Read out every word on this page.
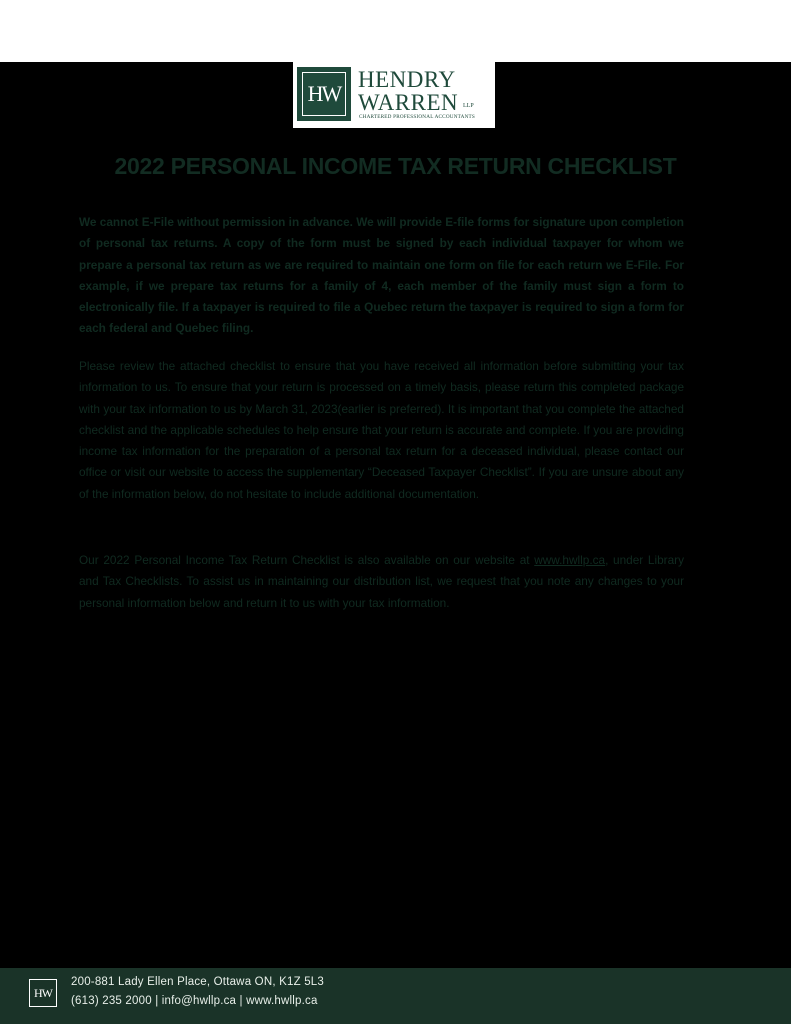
HW
HENDRY
WARREN LLP
CHARTERED PROFESSIONAL ACCOUNTANTS
2022 PERSONAL INCOME TAX RETURN CHECKLIST

We cannot E-File without permission in advance. We will provide E-file forms for signature upon completion of personal tax returns. A copy of the form must be signed by each individual taxpayer for whom we prepare a personal tax return as we are required to maintain one form on file for each return we E-File. For example, if we prepare tax returns for a family of 4, each member of the family must sign a form to electronically file. If a taxpayer is required to file a Quebec return the taxpayer is required to sign a form for each federal and Quebec filing.

Please review the attached checklist to ensure that you have received all information before submitting your tax information to us. To ensure that your return is processed on a timely basis, please return this completed package with your tax information to us by March 31, 2023(earlier is preferred). It is important that you complete the attached checklist and the applicable schedules to help ensure that your return is accurate and complete. If you are providing income tax information for the preparation of a personal tax return for a deceased individual, please contact our office or visit our website to access the supplementary “Deceased Taxpayer Checklist”. If you are unsure about any of the information below, do not hesitate to include additional documentation.

Our 2022 Personal Income Tax Return Checklist is also available on our website at www.hwllp.ca, under Library and Tax Checklists. To assist us in maintaining our distribution list, we request that you note any changes to your personal information below and return it to us with your tax information.

HW
200-881 Lady Ellen Place, Ottawa ON, K1Z 5L3
(613) 235 2000 | info@hwllp.ca | www.hwllp.ca
